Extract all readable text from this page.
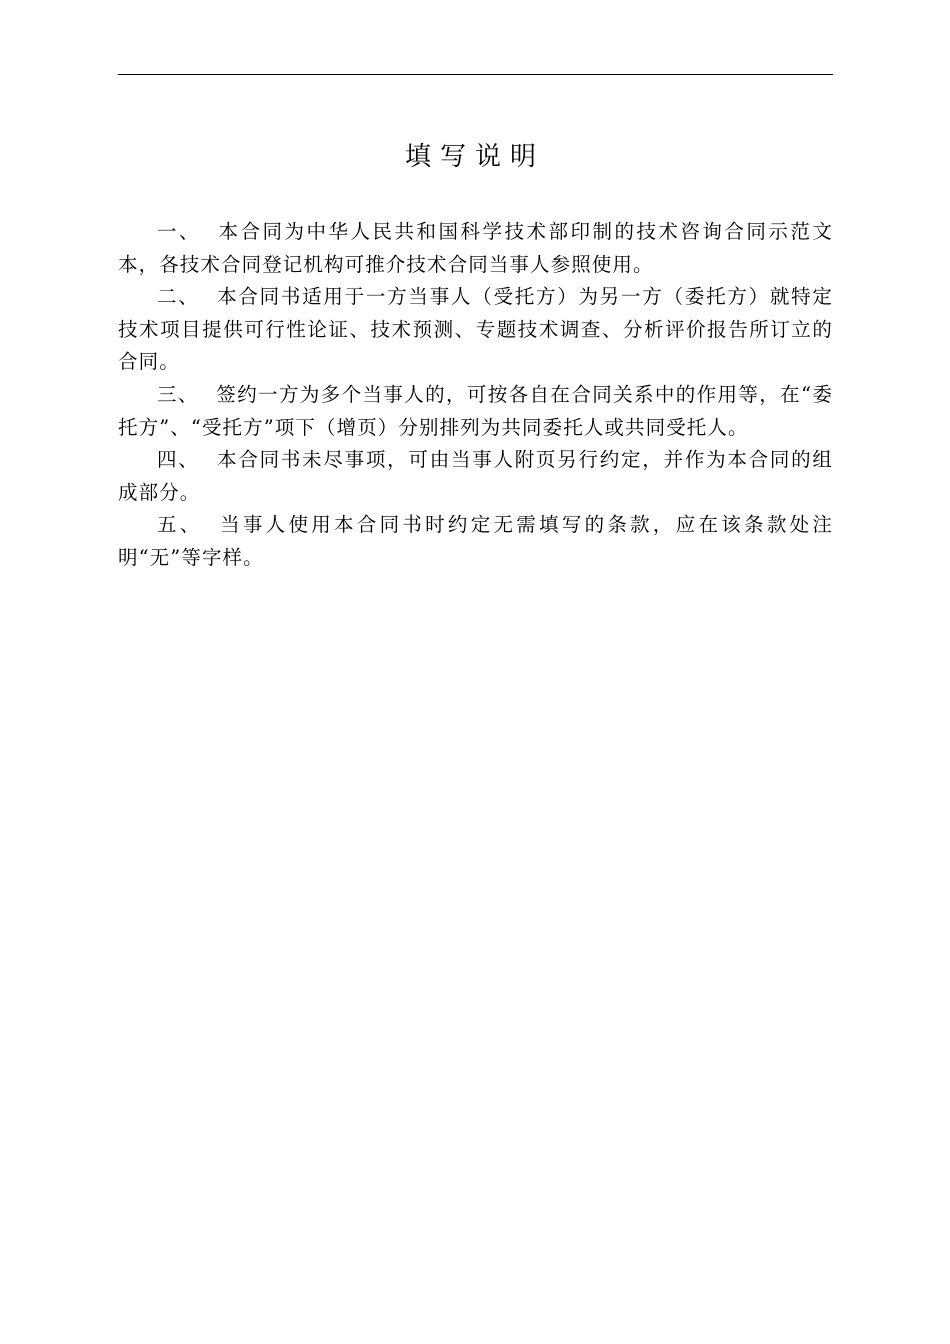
填写说明

一、 本合同为中华人民共和国科学技术部印制的技术咨询合同示范文本，各技术合同登记机构可推介技术合同当事人参照使用。

二、 本合同书适用于一方当事人（受托方）为另一方（委托方）就特定技术项目提供可行性论证、技术预测、专题技术调查、分析评价报告所订立的合同。

三、 签约一方为多个当事人的，可按各自在合同关系中的作用等，在“委托方”、“受托方”项下（增页）分别排列为共同委托人或共同受托人。

四、 本合同书未尽事项，可由当事人附页另行约定，并作为本合同的组成部分。

五、 当事人使用本合同书时约定无需填写的条款，应在该条款处注明“无”等字样。
